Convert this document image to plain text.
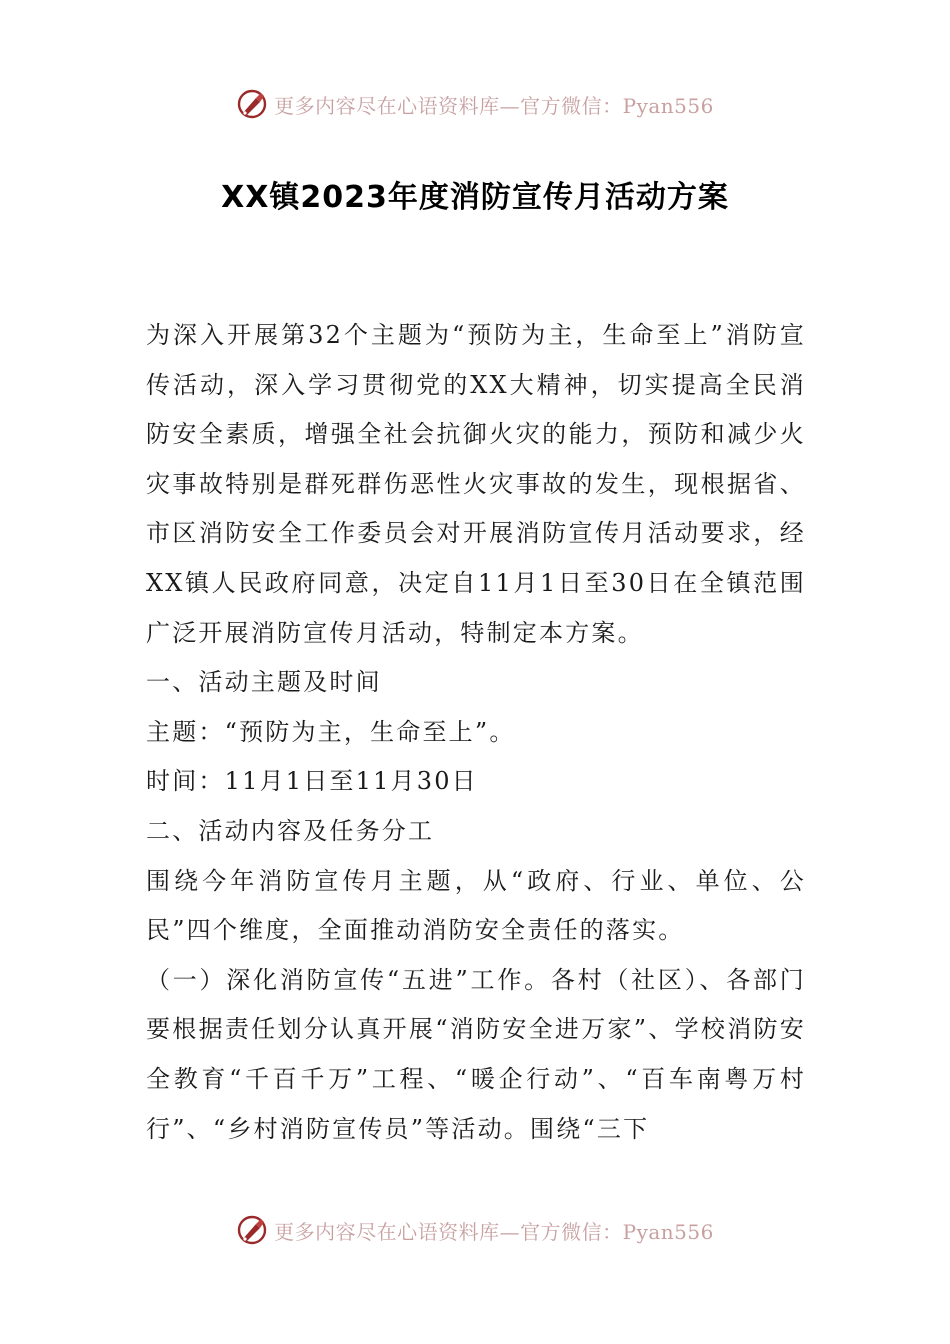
更多内容尽在心语资料库—官方微信：Pyan556
XX镇2023年度消防宣传月活动方案

为深入开展第32个主题为“预防为主，生命至上”消防宣传活动，深入学习贯彻党的XX大精神，切实提高全民消防安全素质，增强全社会抗御火灾的能力，预防和减少火灾事故特别是群死群伤恶性火灾事故的发生，现根据省、市区消防安全工作委员会对开展消防宣传月活动要求，经XX镇人民政府同意，决定自11月1日至30日在全镇范围广泛开展消防宣传月活动，特制定本方案。

一、活动主题及时间

主题：“预防为主，生命至上”。

时间：11月1日至11月30日

二、活动内容及任务分工

围绕今年消防宣传月主题，从“政府、行业、单位、公民”四个维度，全面推动消防安全责任的落实。

（一）深化消防宣传“五进”工作。各村（社区）、各部门要根据责任划分认真开展“消防安全进万家”、学校消防安全教育“千百千万”工程、“暖企行动”、“百车南粤万村行”、“乡村消防宣传员”等活动。围绕“三下

更多内容尽在心语资料库—官方微信：Pyan556
